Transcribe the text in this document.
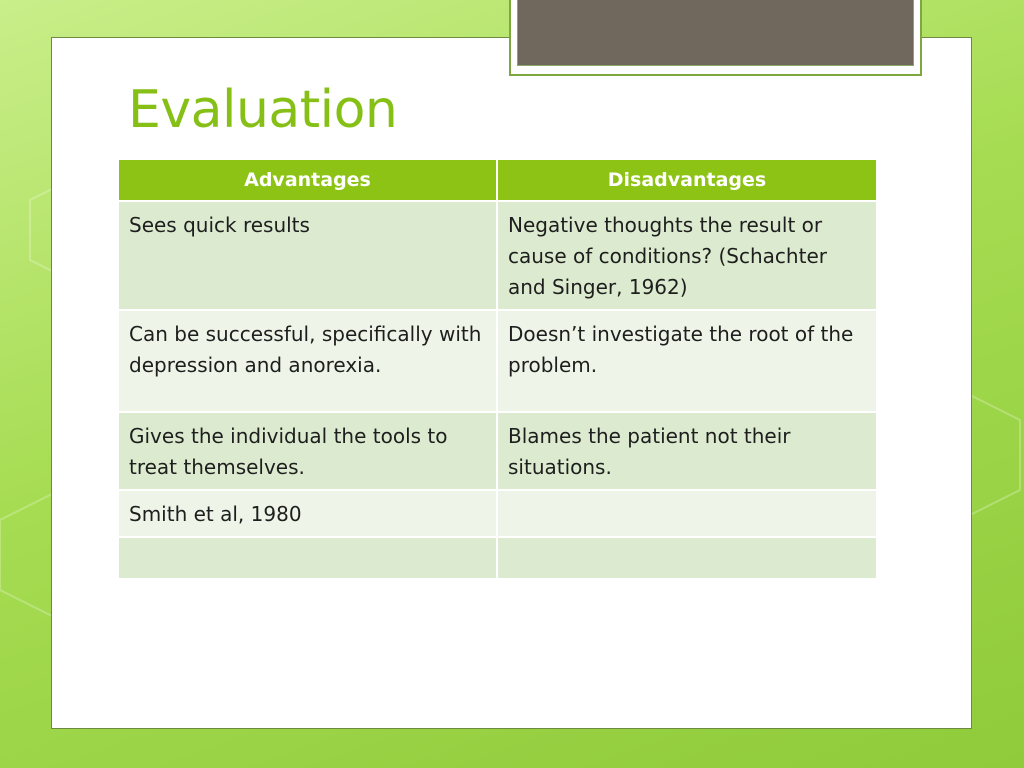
Evaluation
Advantages	Disadvantages
Sees quick results	Negative thoughts the result or cause of conditions? (Schachter and Singer, 1962)
Can be successful, specifically with depression and anorexia.	Doesn’t investigate the root of the problem.
Gives the individual the tools to treat themselves.	Blames the patient not their situations.
Smith et al, 1980	
